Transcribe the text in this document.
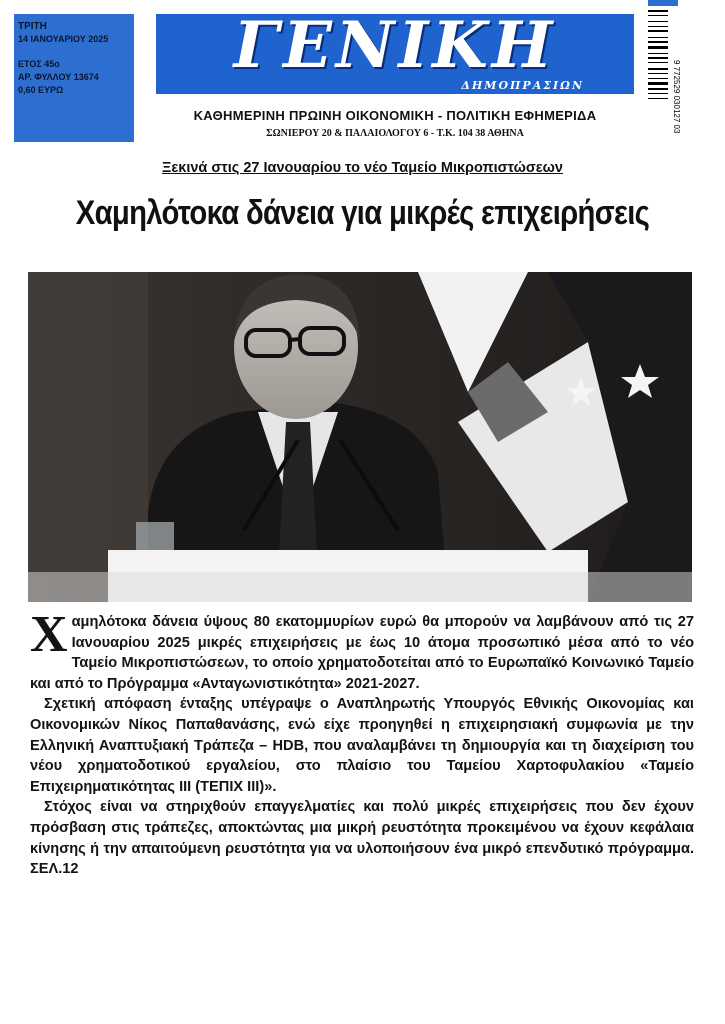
ΤΡΙΤΗ
14 ΙΑΝΟΥΑΡΙΟΥ 2025
ΕΤΟΣ 45ο
ΑΡ. ΦΥΛΛΟΥ 13674
0,60 ΕΥΡΩ
ΓΕΝΙΚΗ
ΔΗΜΟΠΡΑΣΙΩΝ	9 772529 030127 03
ΚΑΘΗΜΕΡΙΝΗ ΠΡΩΙΝΗ ΟΙΚΟΝΟΜΙΚΗ - ΠΟΛΙΤΙΚΗ ΕΦΗΜΕΡΙΔΑ
ΣΩΝΙΕΡΟΥ 20 & ΠΑΛΑΙΟΛΟΓΟΥ 6 - Τ.Κ. 104 38 ΑΘΗΝΑ
Ξεκινά στις 27 Ιανουαρίου το νέο Ταμείο Μικροπιστώσεων
Χαμηλότοκα δάνεια για μικρές επιχειρήσεις

Χαμηλότοκα δάνεια ύψους 80 εκατομμυρίων ευρώ θα μπορούν να λαμβάνουν από τις 27 Ιανουαρίου 2025 μικρές επιχειρήσεις με έως 10 άτομα προσωπικό μέσα από το νέο Ταμείο Μικροπιστώσεων, το οποίο χρηματοδοτείται από το Ευρωπαϊκό Κοινωνικό Ταμείο και από το Πρόγραμμα «Ανταγωνιστικότητα» 2021-2027.

Σχετική απόφαση ένταξης υπέγραψε ο Αναπληρωτής Υπουργός Εθνικής Οικονομίας και Οικονομικών Νίκος Παπαθανάσης, ενώ είχε προηγηθεί η επιχειρησιακή συμφωνία με την Ελληνική Αναπτυξιακή Τράπεζα – HDB, που αναλαμβάνει τη δημιουργία και τη διαχείριση του νέου χρηματοδοτικού εργαλείου, στο πλαίσιο του Ταμείου Χαρτοφυλακίου «Ταμείο Επιχειρηματικότητας ΙΙΙ (ΤΕΠΙΧ ΙΙΙ)».

Στόχος είναι να στηριχθούν επαγγελματίες και πολύ μικρές επιχειρήσεις που δεν έχουν πρόσβαση στις τράπεζες, αποκτώντας μια μικρή ρευστότητα προκειμένου να έχουν κεφάλαια κίνησης ή την απαιτούμενη ρευστότητα για να υλοποιήσουν ένα μικρό επενδυτικό πρόγραμμα. ΣΕΛ.12
